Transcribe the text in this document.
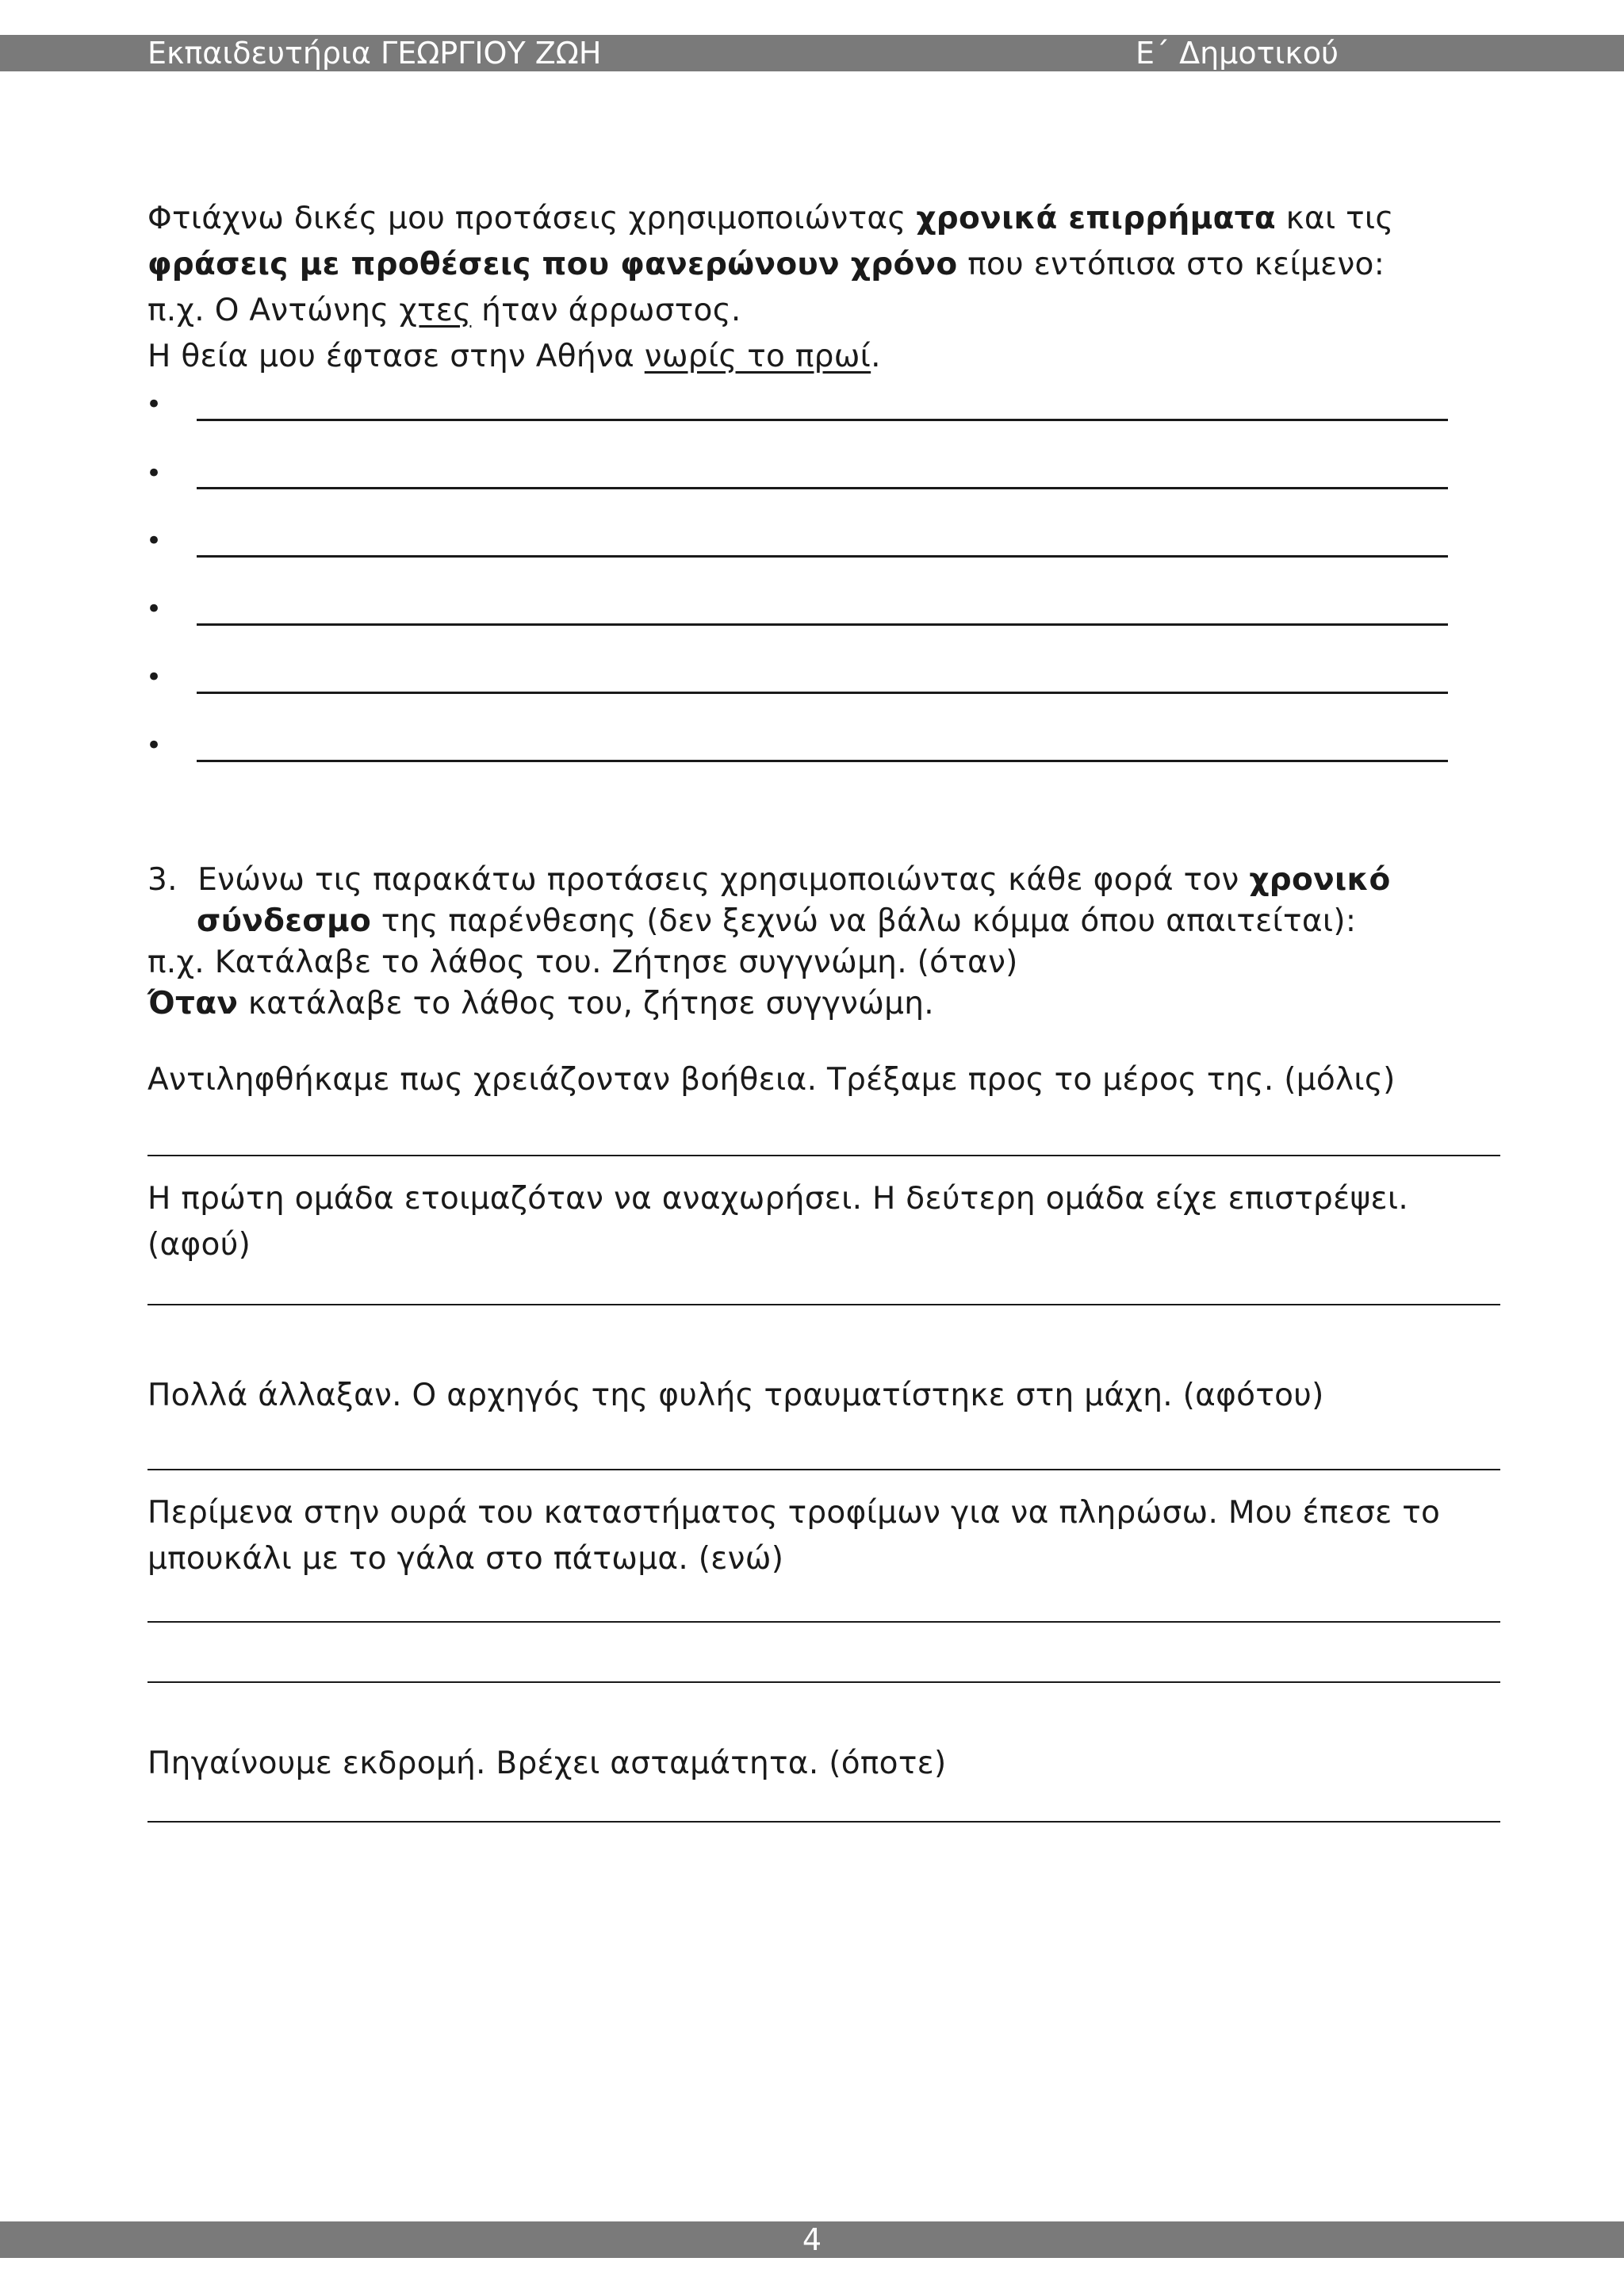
Εκπαιδευτήρια ΓΕΩΡΓΙΟΥ ΖΩΗ	Ε΄ Δημοτικού
Φτιάχνω δικές μου προτάσεις χρησιμοποιώντας χρονικά επιρρήματα και τις
φράσεις με προθέσεις που φανερώνουν χρόνο που εντόπισα στο κείμενο:
π.χ. Ο Αντώνης χτες ήταν άρρωστος.
Η θεία μου έφτασε στην Αθήνα νωρίς το πρωί.
•
•
•
•
•
•
3. Ενώνω τις παρακάτω προτάσεις χρησιμοποιώντας κάθε φορά τον χρονικό
σύνδεσμο της παρένθεσης (δεν ξεχνώ να βάλω κόμμα όπου απαιτείται):
π.χ. Κατάλαβε το λάθος του. Ζήτησε συγγνώμη. (όταν)
Όταν κατάλαβε το λάθος του, ζήτησε συγγνώμη.
Αντιληφθήκαμε πως χρειάζονταν βοήθεια. Τρέξαμε προς το μέρος της. (μόλις)
Η πρώτη ομάδα ετοιμαζόταν να αναχωρήσει. Η δεύτερη ομάδα είχε επιστρέψει.
(αφού)
Πολλά άλλαξαν. Ο αρχηγός της φυλής τραυματίστηκε στη μάχη. (αφότου)
Περίμενα στην ουρά του καταστήματος τροφίμων για να πληρώσω. Μου έπεσε το
μπουκάλι με το γάλα στο πάτωμα. (ενώ)
Πηγαίνουμε εκδρομή. Βρέχει ασταμάτητα. (όποτε)
4
